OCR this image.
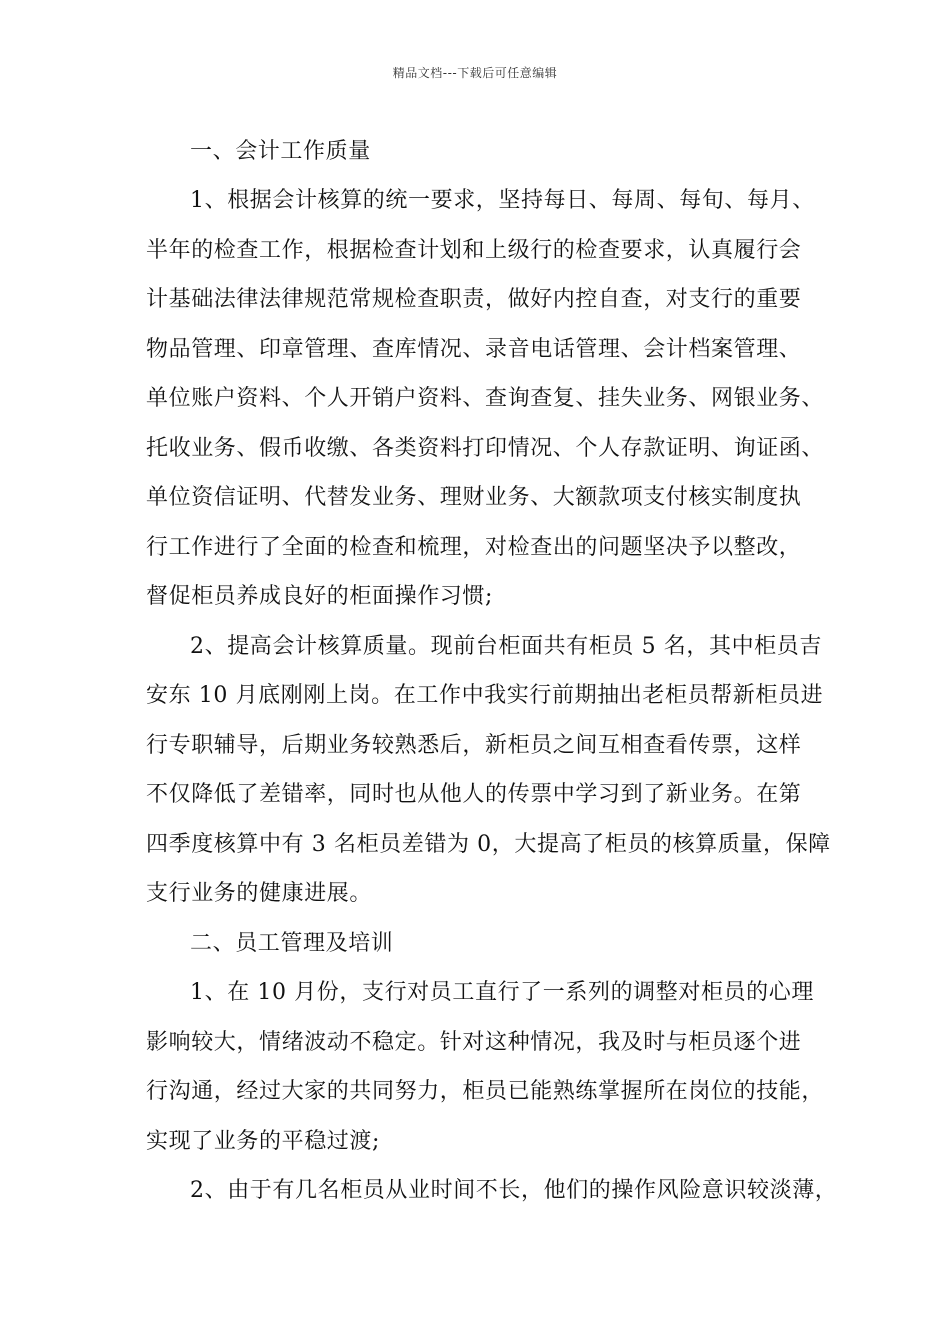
精品文档---下载后可任意编辑
一、会计工作质量
1、根据会计核算的统一要求，坚持每日、每周、每旬、每月、
半年的检查工作，根据检查计划和上级行的检查要求，认真履行会
计基础法律法律规范常规检查职责，做好内控自查，对支行的重要
物品管理、印章管理、查库情况、录音电话管理、会计档案管理、
单位账户资料、个人开销户资料、查询查复、挂失业务、网银业务、
托收业务、假币收缴、各类资料打印情况、个人存款证明、询证函、
单位资信证明、代替发业务、理财业务、大额款项支付核实制度执
行工作进行了全面的检查和梳理，对检查出的问题坚决予以整改，
督促柜员养成良好的柜面操作习惯;
2、提高会计核算质量。现前台柜面共有柜员 5 名，其中柜员吉
安东 10 月底刚刚上岗。在工作中我实行前期抽出老柜员帮新柜员进
行专职辅导，后期业务较熟悉后，新柜员之间互相查看传票，这样
不仅降低了差错率，同时也从他人的传票中学习到了新业务。在第
四季度核算中有 3 名柜员差错为 0，大提高了柜员的核算质量，保障
支行业务的健康进展。
二、员工管理及培训
1、在 10 月份，支行对员工直行了一系列的调整对柜员的心理
影响较大，情绪波动不稳定。针对这种情况，我及时与柜员逐个进
行沟通，经过大家的共同努力，柜员已能熟练掌握所在岗位的技能，
实现了业务的平稳过渡;
2、由于有几名柜员从业时间不长，他们的操作风险意识较淡薄，
